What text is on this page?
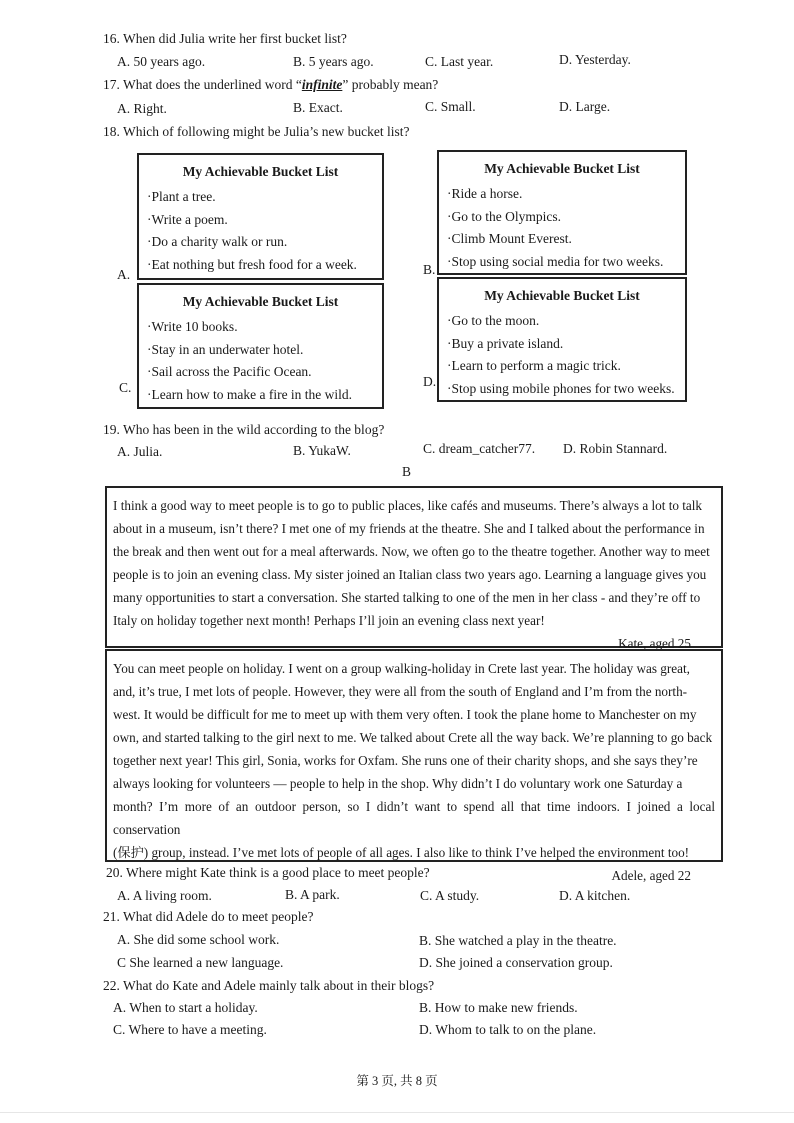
16. When did Julia write her first bucket list?
A. 50 years ago.	B. 5 years ago.	C. Last year.	D. Yesterday.
17. What does the underlined word “infinite” probably mean?
A. Right.	B. Exact.	C. Small.	D. Large.
18. Which of following might be Julia’s new bucket list?
My Achievable Bucket List
·Plant a tree.
·Write a poem.
·Do a charity walk or run.
·Eat nothing but fresh food for a week.
A.
My Achievable Bucket List
·Ride a horse.
·Go to the Olympics.
·Climb Mount Everest.
·Stop using social media for two weeks.
B.
My Achievable Bucket List
·Write 10 books.
·Stay in an underwater hotel.
·Sail across the Pacific Ocean.
·Learn how to make a fire in the wild.
C.
My Achievable Bucket List
·Go to the moon.
·Buy a private island.
·Learn to perform a magic trick.
·Stop using mobile phones for two weeks.
D.
19. Who has been in the wild according to the blog?
A. Julia.	B. YukaW.	C. dream_catcher77. D. Robin Stannard.
B
I think a good way to meet people is to go to public places, like cafés and museums. There’s always a lot to talk
about in a museum, isn’t there? I met one of my friends at the theatre. She and I talked about the performance in
the break and then went out for a meal afterwards. Now, we often go to the theatre together. Another way to meet
people is to join an evening class. My sister joined an Italian class two years ago. Learning a language gives you
many opportunities to start a conversation. She started talking to one of the men in her class - and they’re off to
Italy on holiday together next month! Perhaps I’ll join an evening class next year!
Kate, aged 25
You can meet people on holiday. I went on a group walking-holiday in Crete last year. The holiday was great,
and, it’s true, I met lots of people. However, they were all from the south of England and I’m from the north-
west. It would be difficult for me to meet up with them very often. I took the plane home to Manchester on my
own, and started talking to the girl next to me. We talked about Crete all the way back. We’re planning to go back
together next year! This girl, Sonia, works for Oxfam. She runs one of their charity shops, and she says they’re
always looking for volunteers — people to help in the shop. Why didn’t I do voluntary work one Saturday a
month? I’m more of an outdoor person, so I didn’t want to spend all that time indoors. I joined a local conservation
(保护) group, instead. I’ve met lots of people of all ages. I also like to think I’ve helped the environment too!
Adele, aged 22
20. Where might Kate think is a good place to meet people?
A. A living room.	B. A park.	C. A study.	D. A kitchen.
21. What did Adele do to meet people?
A. She did some school work.	B. She watched a play in the theatre.
C She learned a new language.	D. She joined a conservation group.
22. What do Kate and Adele mainly talk about in their blogs?
A. When to start a holiday.	B. How to make new friends.
C. Where to have a meeting.	D. Whom to talk to on the plane.
第 3 页, 共 8 页
